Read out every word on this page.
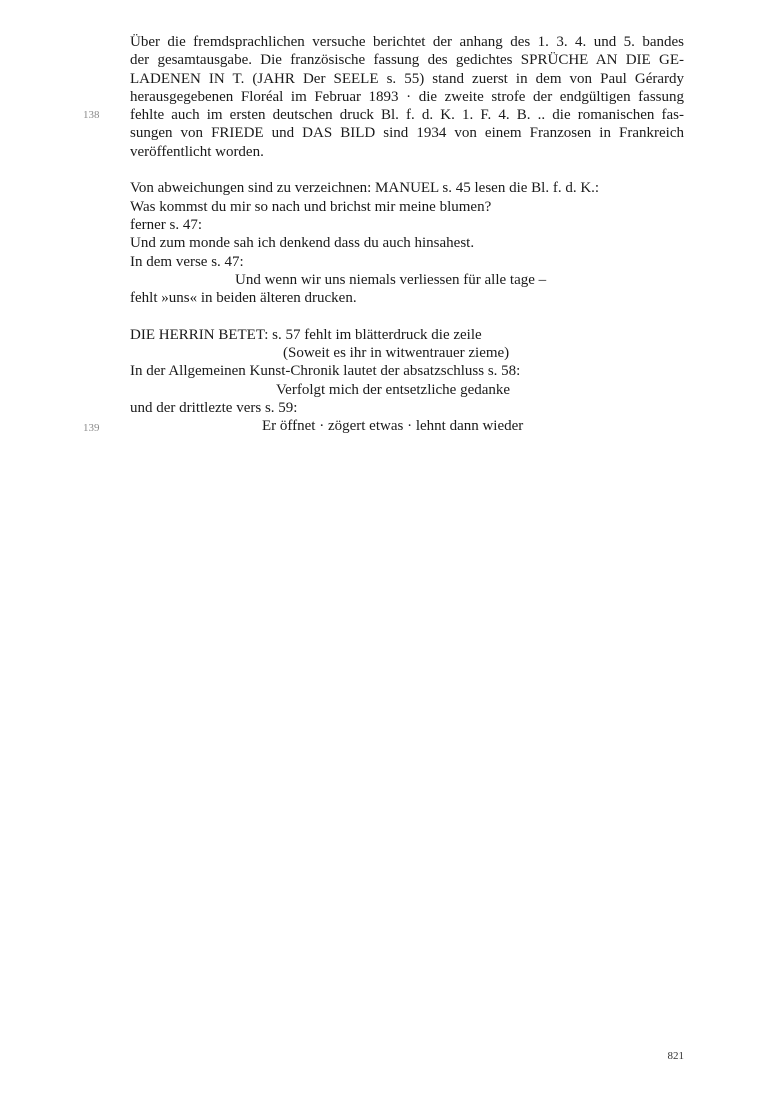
138
139
Über die fremdsprachlichen versuche berichtet der anhang des 1. 3. 4. und 5. bandes
der gesamtausgabe. Die französische fassung des gedichtes SPRÜCHE AN DIE GE-
LADENEN IN T. (JAHR Der SEELE s. 55) stand zuerst in dem von Paul Gérardy
herausgegebenen Floréal im Februar 1893 · die zweite strofe der endgültigen fassung
fehlte auch im ersten deutschen druck Bl. f. d. K. 1. F. 4. B. .. die romanischen fas-
sungen von FRIEDE und DAS BILD sind 1934 von einem Franzosen in Frankreich
veröffentlicht worden.
Von abweichungen sind zu verzeichnen: MANUEL s. 45 lesen die Bl. f. d. K.:
Was kommst du mir so nach und brichst mir meine blumen?
ferner s. 47:
Und zum monde sah ich denkend dass du auch hinsahest.
In dem verse s. 47:
Und wenn wir uns niemals verliessen für alle tage –
fehlt »uns« in beiden älteren drucken.
DIE HERRIN BETET: s. 57 fehlt im blätterdruck die zeile
(Soweit es ihr in witwentrauer zieme)
In der Allgemeinen Kunst-Chronik lautet der absatzschluss s. 58:
Verfolgt mich der entsetzliche gedanke
und der drittlezte vers s. 59:
Er öffnet · zögert etwas · lehnt dann wieder
821
